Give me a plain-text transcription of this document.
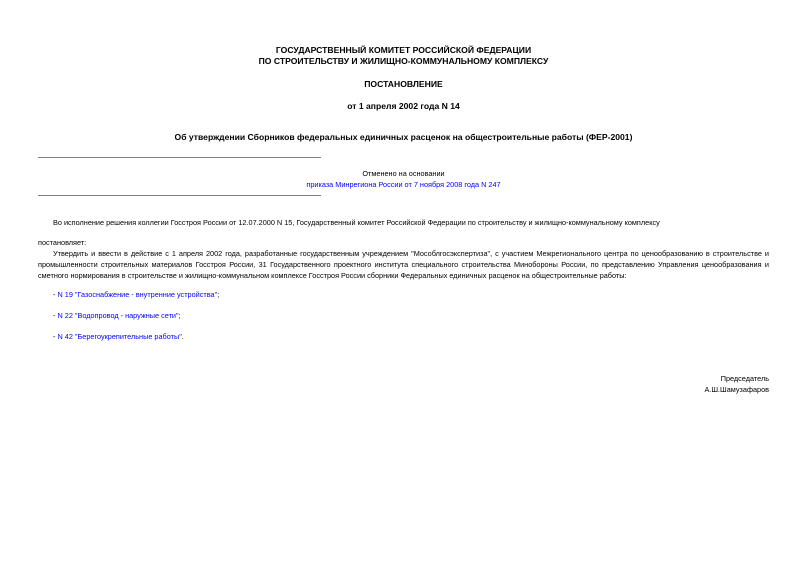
ГОСУДАРСТВЕННЫЙ КОМИТЕТ РОССИЙСКОЙ ФЕДЕРАЦИИ
ПО СТРОИТЕЛЬСТВУ И ЖИЛИЩНО-КОММУНАЛЬНОМУ КОМПЛЕКСУ
ПОСТАНОВЛЕНИЕ
от 1 апреля 2002 года N 14
Об утверждении Сборников федеральных единичных расценок на общестроительные работы (ФЕР-2001)
Отменено на основании
приказа Минрегиона России от 7 ноября 2008 года N 247
Во исполнение решения коллегии Госстроя России от 12.07.2000 N 15, Государственный комитет Российской Федерации по строительству и жилищно-коммунальному комплексу
постановляет:
Утвердить и ввести в действие с 1 апреля 2002 года, разработанные государственным учреждением "Мособлгосэкспертиза", с участием Межрегионального центра по ценообразованию в строительстве и промышленности строительных материалов Госстроя России, 31 Государственного проектного института специального строительства Минобороны России, по представлению Управления ценообразования и сметного нормирования в строительстве и жилищно-коммунальном комплексе Госстроя России сборники Федеральных единичных расценок на общестроительные работы:
- N 19 "Газоснабжение - внутренние устройства";
- N 22 "Водопровод - наружные сети";
- N 42 "Берегоукрепительные работы".
Председатель
А.Ш.Шамузафаров
